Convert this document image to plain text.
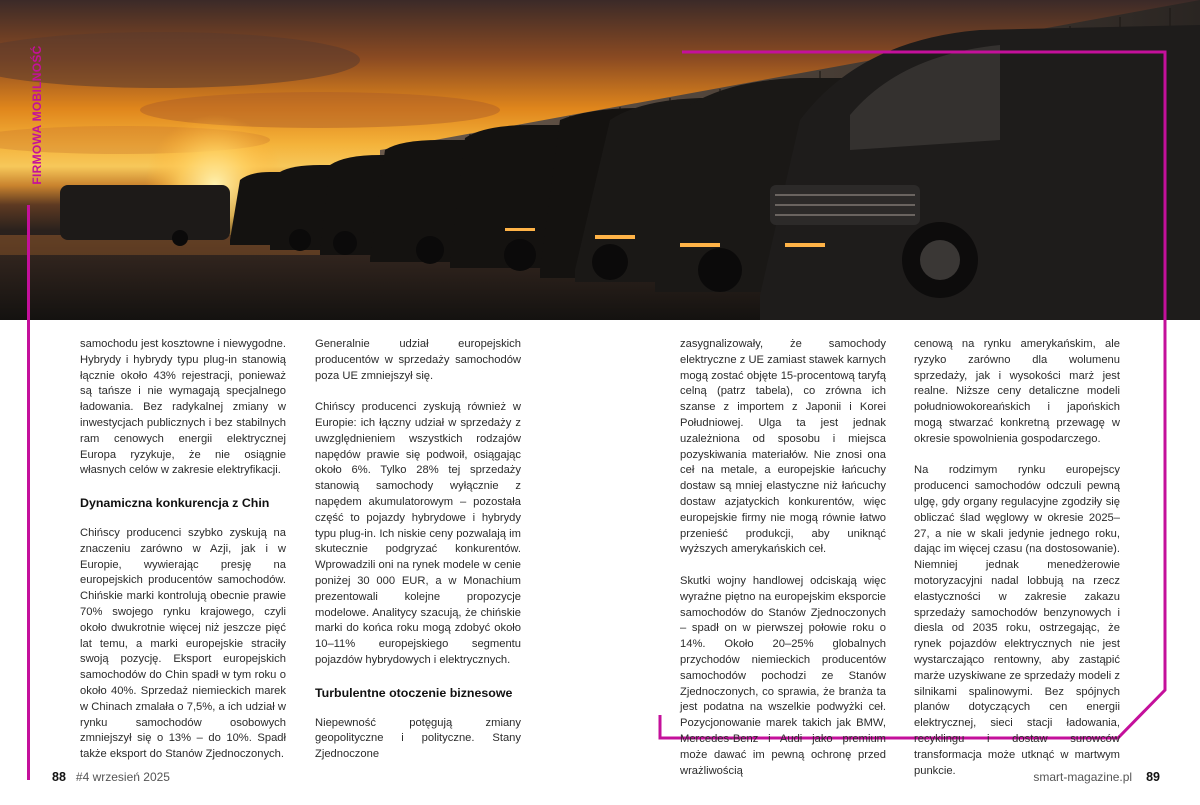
FIRMOWA MOBILNOŚĆ

samochodu jest kosztowne i niewygodne. Hybrydy i hybrydy typu plug-in stanowią łącznie około 43% rejestracji, ponieważ są tańsze i nie wymagają specjalnego ładowania. Bez radykalnej zmiany w inwestycjach publicznych i bez stabilnych ram cenowych energii elektrycznej Europa ryzykuje, że nie osiągnie własnych celów w zakresie elektryfikacji.

Dynamiczna konkurencja z Chin

Chińscy producenci szybko zyskują na znaczeniu zarówno w Azji, jak i w Europie, wywierając presję na europejskich producentów samochodów. Chińskie marki kontrolują obecnie prawie 70% swojego rynku krajowego, czyli około dwukrotnie więcej niż jeszcze pięć lat temu, a marki europejskie straciły swoją pozycję. Eksport europejskich samochodów do Chin spadł w tym roku o około 40%. Sprzedaż niemieckich marek w Chinach zmalała o 7,5%, a ich udział w rynku samochodów osobowych zmniejszył się o 13% – do 10%. Spadł także eksport do Stanów Zjednoczonych.

Generalnie udział europejskich producentów w sprzedaży samochodów poza UE zmniejszył się.

Chińscy producenci zyskują również w Europie: ich łączny udział w sprzedaży z uwzględnieniem wszystkich rodzajów napędów prawie się podwoił, osiągając około 6%. Tylko 28% tej sprzedaży stanowią samochody wyłącznie z napędem akumulatorowym – pozostała część to pojazdy hybrydowe i hybrydy typu plug-in. Ich niskie ceny pozwalają im skutecznie podgryzać konkurentów. Wprowadzili oni na rynek modele w cenie poniżej 30 000 EUR, a w Monachium prezentowali kolejne propozycje modelowe. Analitycy szacują, że chińskie marki do końca roku mogą zdobyć około 10–11% europejskiego segmentu pojazdów hybrydowych i elektrycznych.

Turbulentne otoczenie biznesowe

Niepewność potęgują zmiany geopolityczne i polityczne. Stany Zjednoczone

zasygnalizowały, że samochody elektryczne z UE zamiast stawek karnych mogą zostać objęte 15-procentową taryfą celną (patrz tabela), co zrówna ich szanse z importem z Japonii i Korei Południowej. Ulga ta jest jednak uzależniona od sposobu i miejsca pozyskiwania materiałów. Nie znosi ona ceł na metale, a europejskie łańcuchy dostaw są mniej elastyczne niż łańcuchy dostaw azjatyckich konkurentów, więc europejskie firmy nie mogą równie łatwo przenieść produkcji, aby uniknąć wyższych amerykańskich ceł.

Skutki wojny handlowej odciskają więc wyraźne piętno na europejskim eksporcie samochodów do Stanów Zjednoczonych – spadł on w pierwszej połowie roku o 14%. Około 20–25% globalnych przychodów niemieckich producentów samochodów pochodzi ze Stanów Zjednoczonych, co sprawia, że branża ta jest podatna na wszelkie podwyżki ceł. Pozycjonowanie marek takich jak BMW, Mercedes-Benz i Audi jako premium może dawać im pewną ochronę przed wrażliwością

cenową na rynku amerykańskim, ale ryzyko zarówno dla wolumenu sprzedaży, jak i wysokości marż jest realne. Niższe ceny detaliczne modeli południowokoreańskich i japońskich mogą stwarzać konkretną przewagę w okresie spowolnienia gospodarczego.

Na rodzimym rynku europejscy producenci samochodów odczuli pewną ulgę, gdy organy regulacyjne zgodziły się obliczać ślad węglowy w okresie 2025–27, a nie w skali jedynie jednego roku, dając im więcej czasu (na dostosowanie). Niemniej jednak menedżerowie motoryzacyjni nadal lobbują na rzecz elastyczności w zakresie zakazu sprzedaży samochodów benzynowych i diesla od 2035 roku, ostrzegając, że rynek pojazdów elektrycznych nie jest wystarczająco rentowny, aby zastąpić marże uzyskiwane ze sprzedaży modeli z silnikami spalinowymi. Bez spójnych planów dotyczących cen energii elektrycznej, sieci stacji ładowania, recyklingu i dostaw surowców transformacja może utknąć w martwym punkcie.

88 #4 wrzesień 2025	smart-magazine.pl 89
